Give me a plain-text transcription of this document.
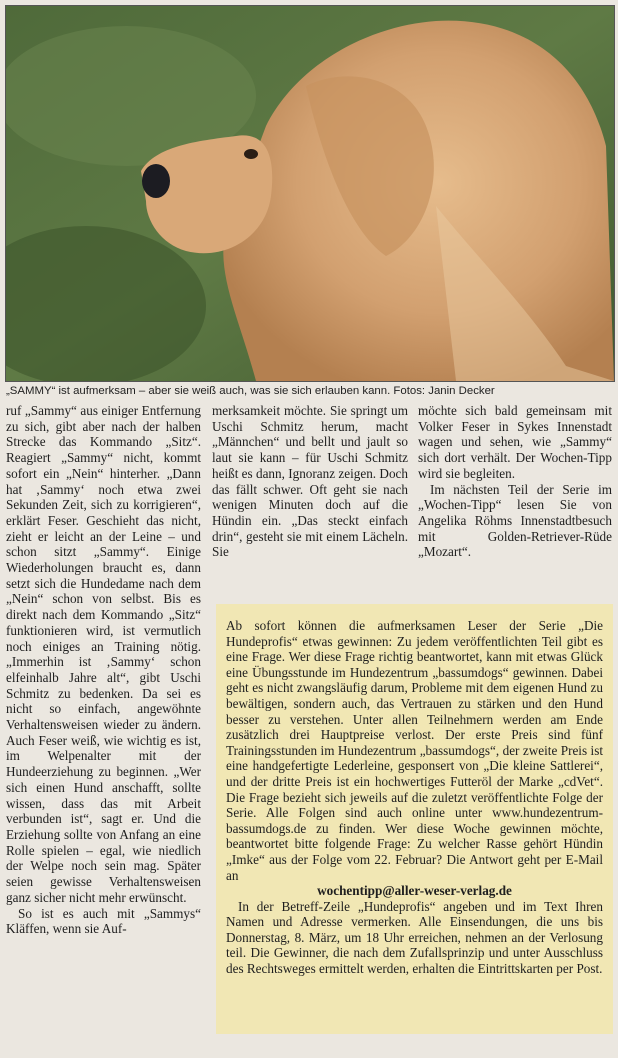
„SAMMY“ ist aufmerksam – aber sie weiß auch, was sie sich erlauben kann. Fotos: Janin Decker

ruf „Sammy“ aus einiger Entfernung zu sich, gibt aber nach der halben Strecke das Kommando „Sitz“. Reagiert „Sammy“ nicht, kommt sofort ein „Nein“ hinterher. „Dann hat ‚Sammy‘ noch etwa zwei Sekunden Zeit, sich zu korrigieren“, erklärt Feser. Geschieht das nicht, zieht er leicht an der Leine – und schon sitzt „Sammy“. Einige Wiederholungen braucht es, dann setzt sich die Hundedame nach dem „Nein“ schon von selbst. Bis es direkt nach dem Kommando „Sitz“ funktionieren wird, ist vermutlich noch einiges an Training nötig. „Immerhin ist ‚Sammy‘ schon elfeinhalb Jahre alt“, gibt Uschi Schmitz zu bedenken. Da sei es nicht so einfach, angewöhnte Verhaltensweisen wieder zu ändern. Auch Feser weiß, wie wichtig es ist, im Welpenalter mit der Hundeerziehung zu beginnen. „Wer sich einen Hund anschafft, sollte wissen, dass das mit Arbeit verbunden ist“, sagt er. Und die Erziehung sollte von Anfang an eine Rolle spielen – egal, wie niedlich der Welpe noch sein mag. Später seien gewisse Verhaltensweisen ganz sicher nicht mehr erwünscht.

So ist es auch mit „Sammys“ Kläffen, wenn sie Auf-

merksamkeit möchte. Sie springt um Uschi Schmitz herum, macht „Männchen“ und bellt und jault so laut sie kann – für Uschi Schmitz heißt es dann, Ignoranz zeigen. Doch das fällt schwer. Oft geht sie nach wenigen Minuten doch auf die Hündin ein. „Das steckt einfach drin“, gesteht sie mit einem Lächeln. Sie

möchte sich bald gemeinsam mit Volker Feser in Sykes Innenstadt wagen und sehen, wie „Sammy“ sich dort verhält. Der Wochen-Tipp wird sie begleiten.

Im nächsten Teil der Serie im „Wochen-Tipp“ lesen Sie von Angelika Röhms Innenstadtbesuch mit Golden-Retriever-Rüde „Mozart“.

Ab sofort können die aufmerksamen Leser der Serie „Die Hundeprofis“ etwas gewinnen: Zu jedem veröffentlichten Teil gibt es eine Frage. Wer diese Frage richtig beantwortet, kann mit etwas Glück eine Übungsstunde im Hundezentrum „bassumdogs“ gewinnen. Dabei geht es nicht zwangsläufig darum, Probleme mit dem eigenen Hund zu bewältigen, sondern auch, das Vertrauen zu stärken und den Hund besser zu verstehen. Unter allen Teilnehmern werden am Ende zusätzlich drei Hauptpreise verlost. Der erste Preis sind fünf Trainingsstunden im Hundezentrum „bassumdogs“, der zweite Preis ist eine handgefertigte Lederleine, gesponsert von „Die kleine Sattlerei“, und der dritte Preis ist ein hochwertiges Futteröl der Marke „cdVet“. Die Frage bezieht sich jeweils auf die zuletzt veröffentlichte Folge der Serie. Alle Folgen sind auch online unter www.hundezentrum-bassumdogs.de zu finden. Wer diese Woche gewinnen möchte, beantwortet bitte folgende Frage: Zu welcher Rasse gehört Hündin „Imke“ aus der Folge vom 22. Februar? Die Antwort geht per E-Mail an

wochentipp@aller-weser-verlag.de

In der Betreff-Zeile „Hundeprofis“ angeben und im Text Ihren Namen und Adresse vermerken. Alle Einsendungen, die uns bis Donnerstag, 8. März, um 18 Uhr erreichen, nehmen an der Verlosung teil. Die Gewinner, die nach dem Zufallsprinzip und unter Ausschluss des Rechtsweges ermittelt werden, erhalten die Eintrittskarten per Post.
